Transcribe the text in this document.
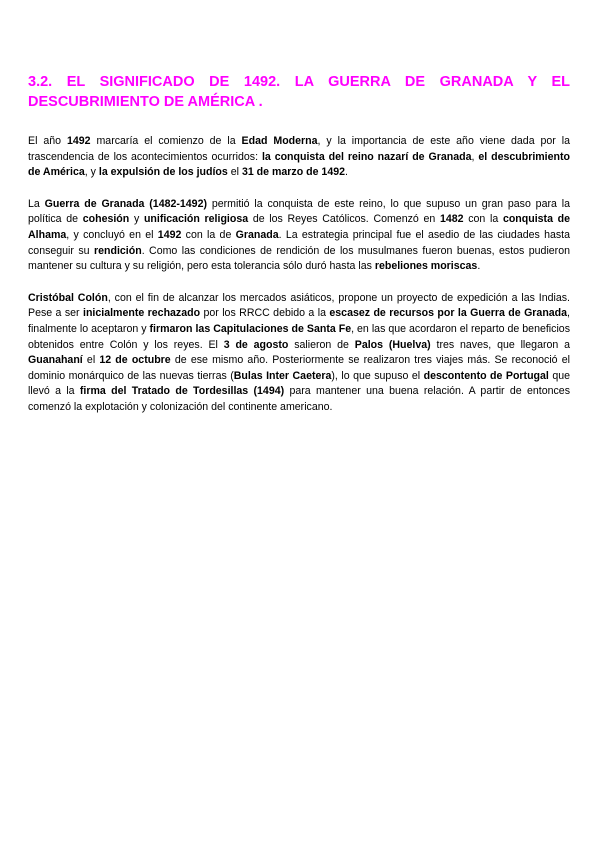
3.2. EL SIGNIFICADO DE 1492. LA GUERRA DE GRANADA Y EL DESCUBRIMIENTO DE AMÉRICA .

El año 1492 marcaría el comienzo de la Edad Moderna, y la importancia de este año viene dada por la trascendencia de los acontecimientos ocurridos: la conquista del reino nazarí de Granada, el descubrimiento de América, y la expulsión de los judíos el 31 de marzo de 1492.

La Guerra de Granada (1482-1492) permitió la conquista de este reino, lo que supuso un gran paso para la política de cohesión y unificación religiosa de los Reyes Católicos. Comenzó en 1482 con la conquista de Alhama, y concluyó en el 1492 con la de Granada. La estrategia principal fue el asedio de las ciudades hasta conseguir su rendición. Como las condiciones de rendición de los musulmanes fueron buenas, estos pudieron mantener su cultura y su religión, pero esta tolerancia sólo duró hasta las rebeliones moriscas.

Cristóbal Colón, con el fin de alcanzar los mercados asiáticos, propone un proyecto de expedición a las Indias. Pese a ser inicialmente rechazado por los RRCC debido a la escasez de recursos por la Guerra de Granada, finalmente lo aceptaron y firmaron las Capitulaciones de Santa Fe, en las que acordaron el reparto de beneficios obtenidos entre Colón y los reyes. El 3 de agosto salieron de Palos (Huelva) tres naves, que llegaron a Guanahaní el 12 de octubre de ese mismo año. Posteriormente se realizaron tres viajes más. Se reconoció el dominio monárquico de las nuevas tierras (Bulas Inter Caetera), lo que supuso el descontento de Portugal que llevó a la firma del Tratado de Tordesillas (1494) para mantener una buena relación. A partir de entonces comenzó la explotación y colonización del continente americano.
